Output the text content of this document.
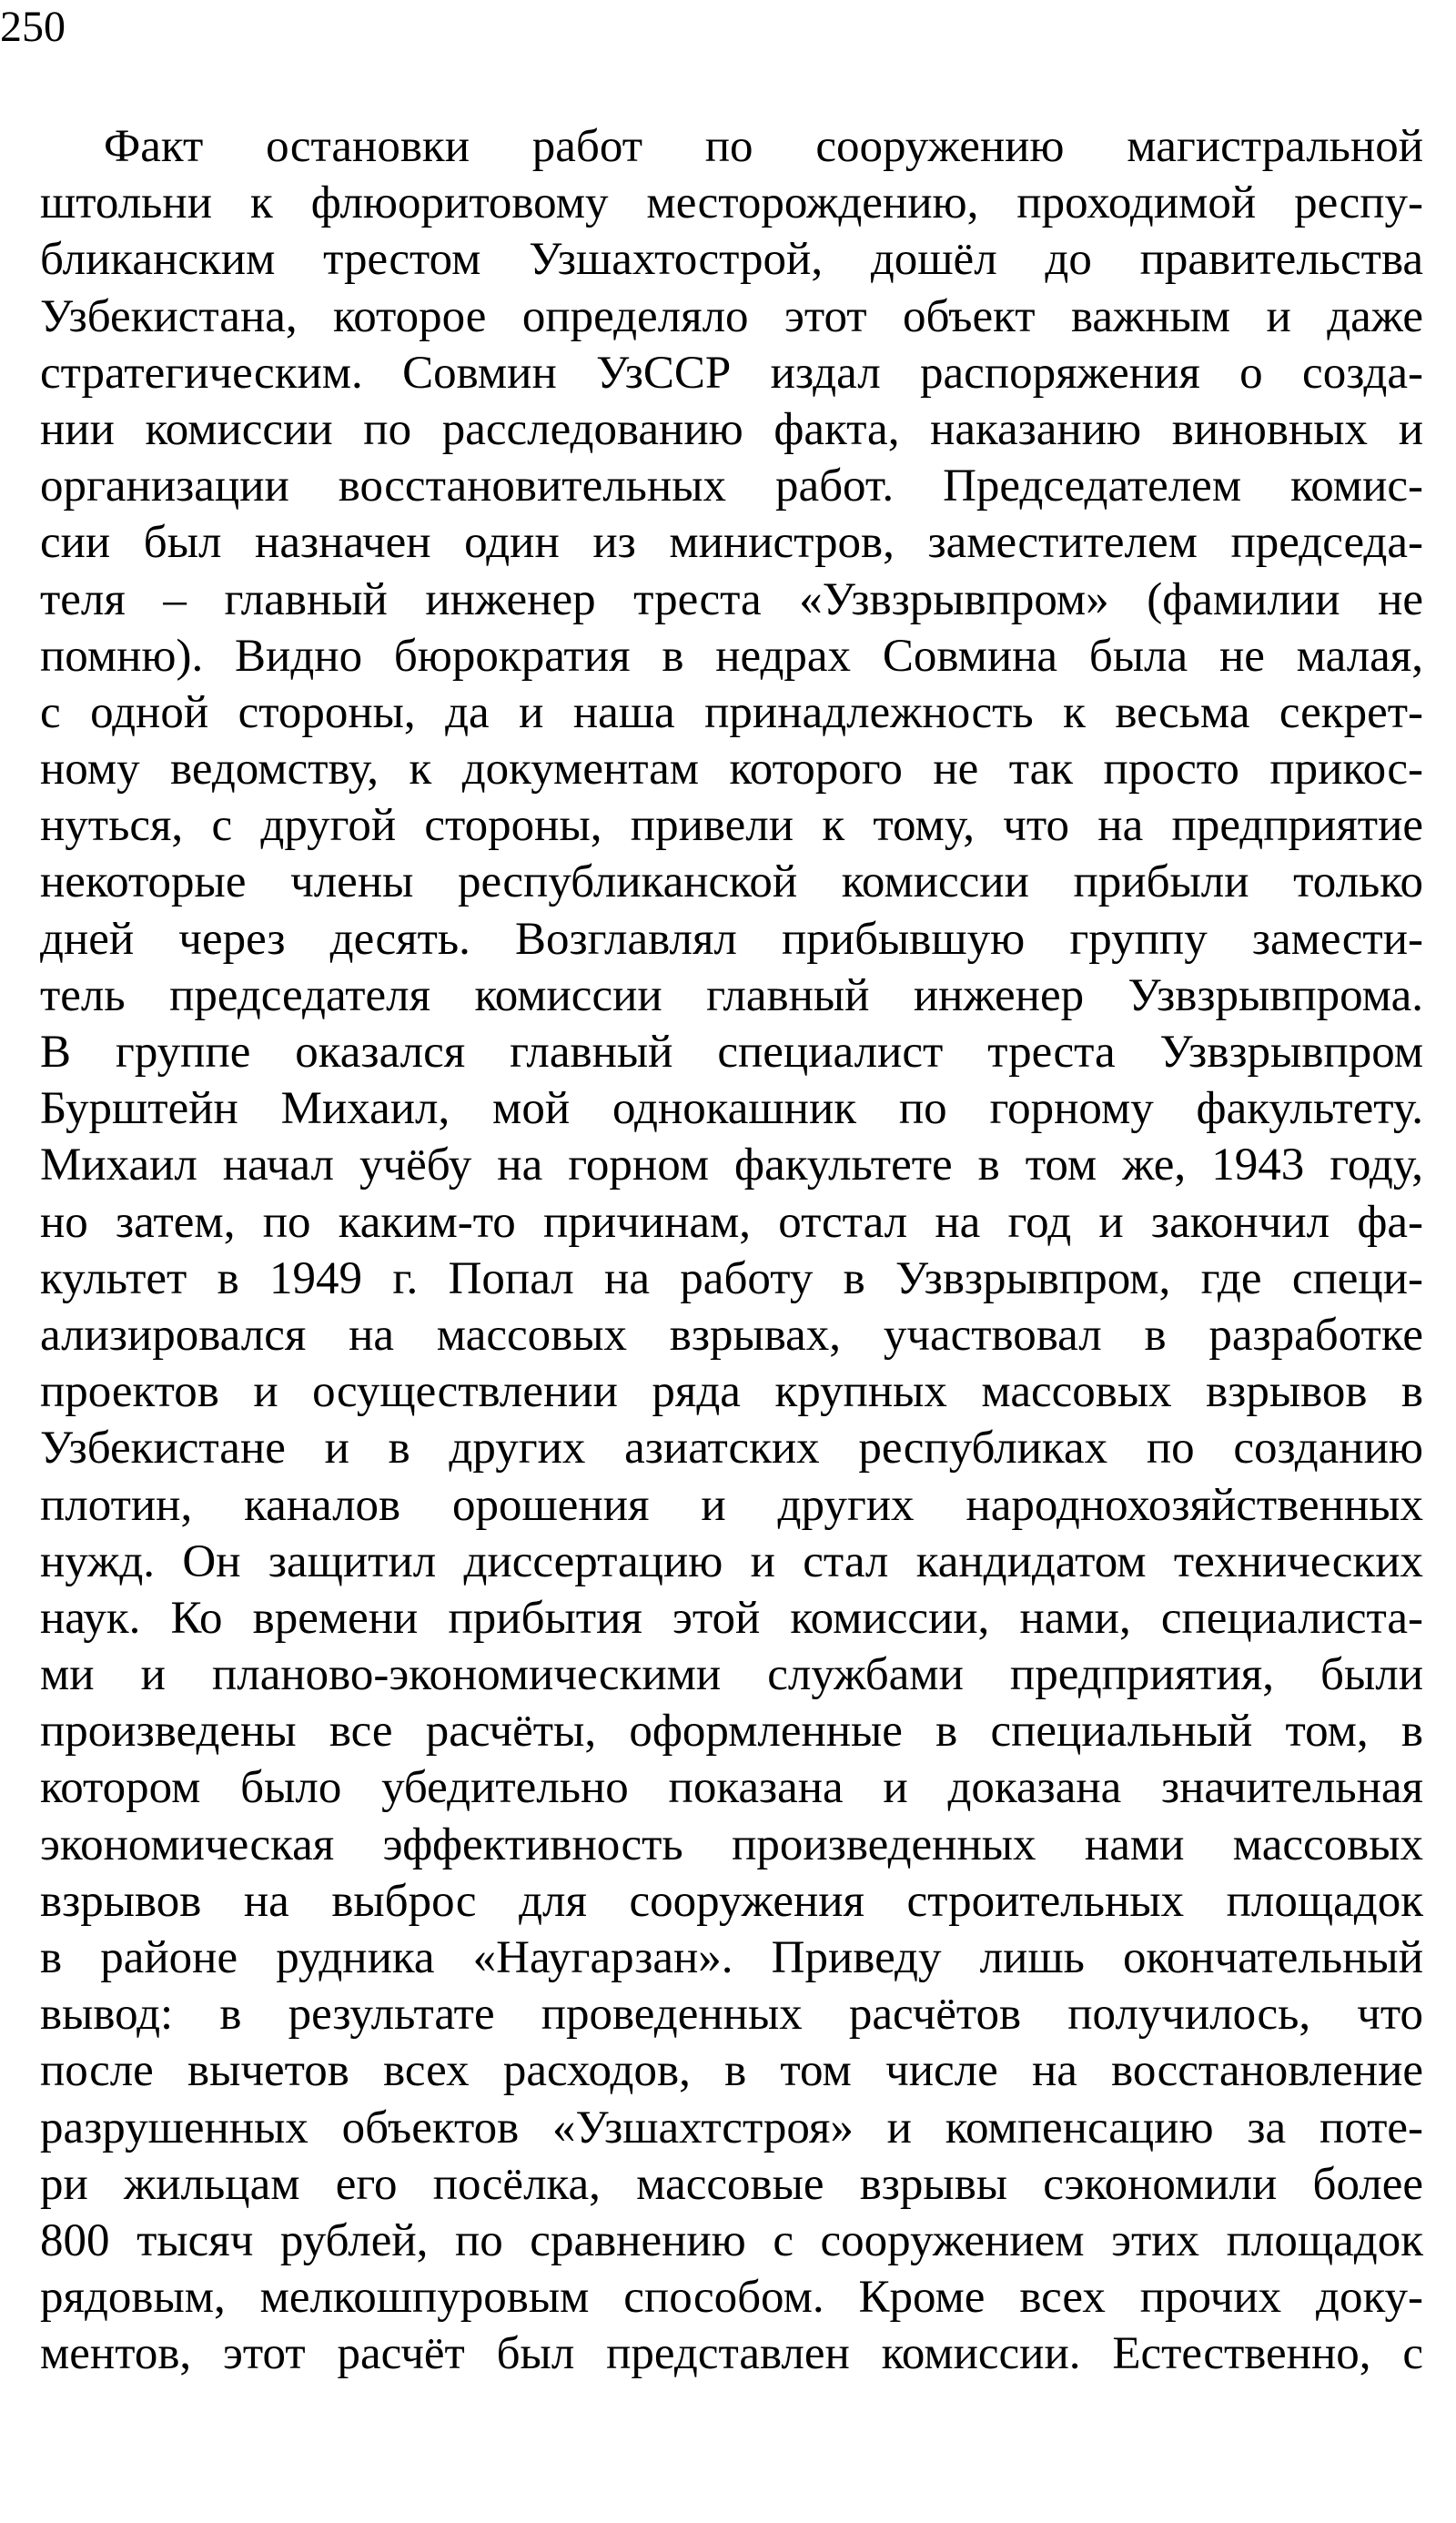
250

Факт остановки работ по сооружению магистральной
штольни к флюоритовому месторождению, проходимой респу-
бликанским трестом Узшахтострой, дошёл до правительства
Узбекистана, которое определяло этот объект важным и даже
стратегическим. Совмин УзССР издал распоряжения о созда-
нии комиссии по расследованию факта, наказанию виновных и
организации восстановительных работ. Председателем комис-
сии был назначен один из министров, заместителем председа-
теля – главный инженер треста «Узвзрывпром» (фамилии не
помню). Видно бюрократия в недрах Совмина была не малая,
с одной стороны, да и наша принадлежность к весьма секрет-
ному ведомству, к документам которого не так просто прикос-
нуться, с другой стороны, привели к тому, что на предприятие
некоторые члены республиканской комиссии прибыли только
дней через десять. Возглавлял прибывшую группу замести-
тель председателя комиссии главный инженер Узвзрывпрома.
В группе оказался главный специалист треста Узвзрывпром
Бурштейн Михаил, мой однокашник по горному факультету.
Михаил начал учёбу на горном факультете в том же, 1943 году,
но затем, по каким-то причинам, отстал на год и закончил фа-
культет в 1949 г. Попал на работу в Узвзрывпром, где специ-
ализировался на массовых взрывах, участвовал в разработке
проектов и осуществлении ряда крупных массовых взрывов в
Узбекистане и в других азиатских республиках по созданию
плотин, каналов орошения и других народнохозяйственных
нужд. Он защитил диссертацию и стал кандидатом технических
наук. Ко времени прибытия этой комиссии, нами, специалиста-
ми и планово-экономическими службами предприятия, были
произведены все расчёты, оформленные в специальный том, в
котором было убедительно показана и доказана значительная
экономическая эффективность произведенных нами массовых
взрывов на выброс для сооружения строительных площадок
в районе рудника «Наугарзан». Приведу лишь окончательный
вывод: в результате проведенных расчётов получилось, что
после вычетов всех расходов, в том числе на восстановление
разрушенных объектов «Узшахтстроя» и компенсацию за поте-
ри жильцам его посёлка, массовые взрывы сэкономили более
800 тысяч рублей, по сравнению с сооружением этих площадок
рядовым, мелкошпуровым способом. Кроме всех прочих доку-
ментов, этот расчёт был представлен комиссии. Естественно, с
